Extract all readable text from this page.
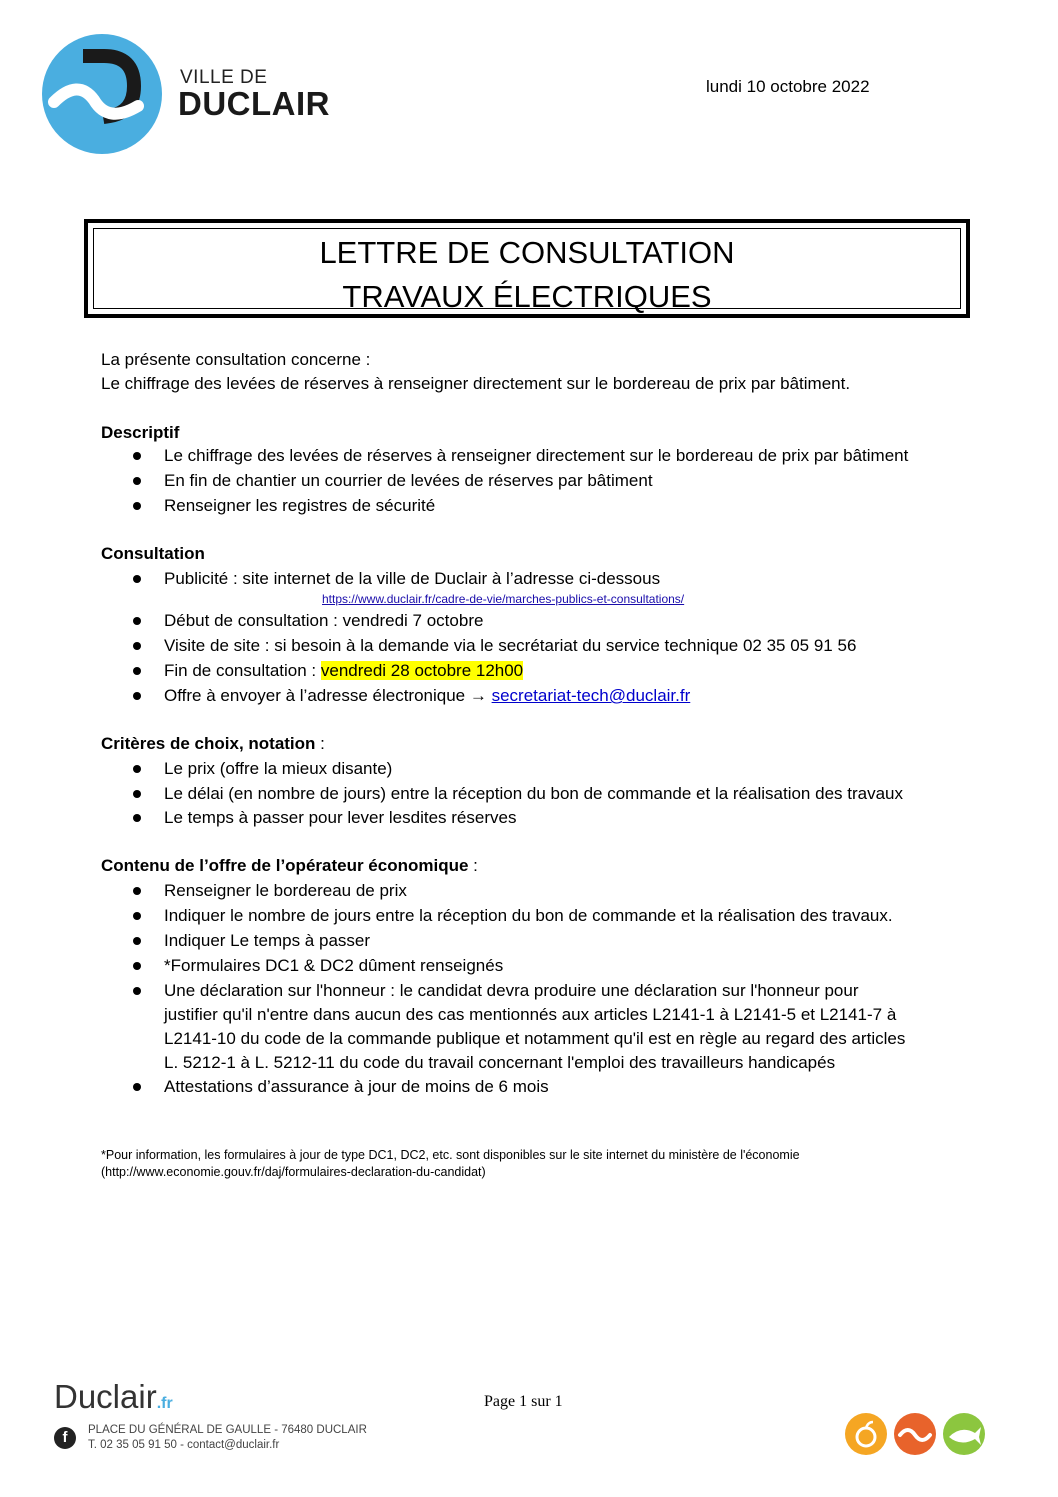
VILLE DE
DUCLAIR	lundi 10 octobre 2022
LETTRE DE CONSULTATION
TRAVAUX ÉLECTRIQUES
La présente consultation concerne :
Le chiffrage des levées de réserves à renseigner directement sur le bordereau de prix par bâtiment.
Descriptif
Le chiffrage des levées de réserves à renseigner directement sur le bordereau de prix par bâtiment
En fin de chantier un courrier de levées de réserves par bâtiment
Renseigner les registres de sécurité
Consultation
Publicité : site internet de la ville de Duclair à l’adresse ci-dessous
https://www.duclair.fr/cadre-de-vie/marches-publics-et-consultations/
Début de consultation : vendredi 7 octobre
Visite de site : si besoin à la demande via le secrétariat du service technique 02 35 05 91 56
Fin de consultation : vendredi 28 octobre 12h00
Offre à envoyer à l’adresse électronique → secretariat-tech@duclair.fr
Critères de choix, notation :
Le prix (offre la mieux disante)
Le délai (en nombre de jours) entre la réception du bon de commande et la réalisation des travaux
Le temps à passer pour lever lesdites réserves
Contenu de l’offre de l’opérateur économique :
Renseigner le bordereau de prix
Indiquer le nombre de jours entre la réception du bon de commande et la réalisation des travaux.
Indiquer Le temps à passer
*Formulaires DC1 & DC2 dûment renseignés
Une déclaration sur l'honneur : le candidat devra produire une déclaration sur l'honneur pour
justifier qu'il n'entre dans aucun des cas mentionnés aux articles L2141-1 à L2141-5 et L2141-7 à
L2141-10 du code de la commande publique et notamment qu'il est en règle au regard des articles
L. 5212-1 à L. 5212-11 du code du travail concernant l'emploi des travailleurs handicapés
Attestations d’assurance à jour de moins de 6 mois
*Pour information, les formulaires à jour de type DC1, DC2, etc. sont disponibles sur le site internet du ministère de l'économie
(http://www.economie.gouv.fr/daj/formulaires-declaration-du-candidat)
Duclair.fr
f	PLACE DU GÉNÉRAL DE GAULLE - 76480 DUCLAIR
T. 02 35 05 91 50 - contact@duclair.fr
Page 1 sur 1
